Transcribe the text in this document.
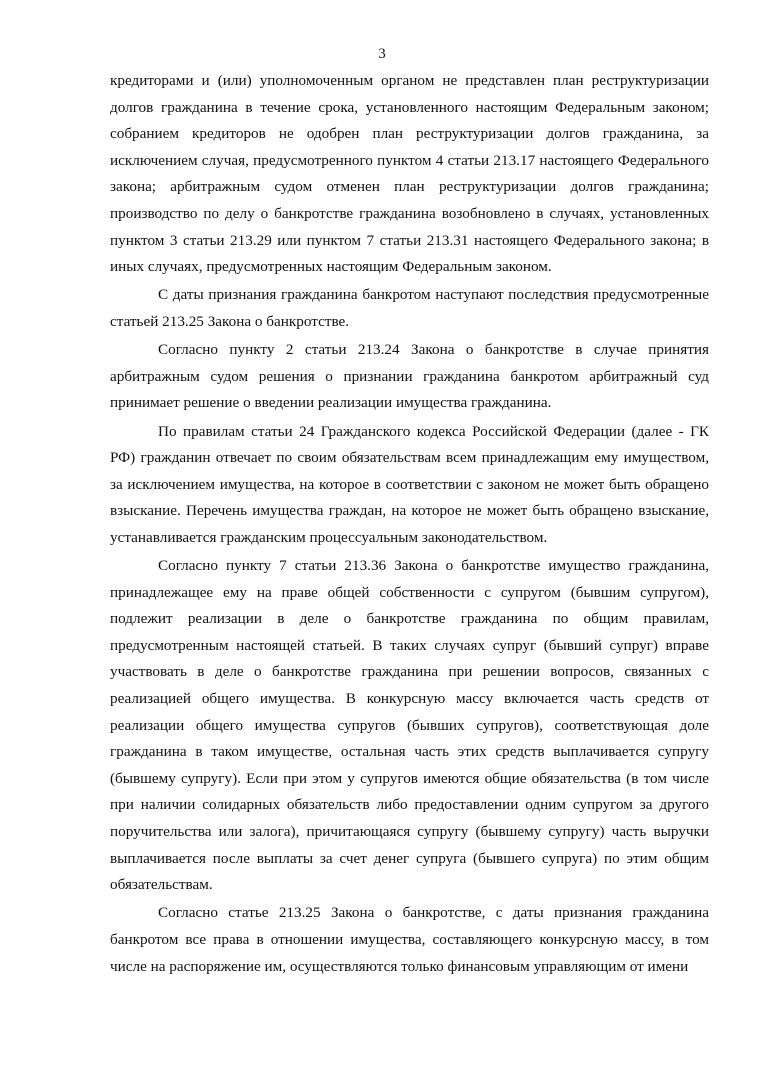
3

кредиторами и (или) уполномоченным органом не представлен план реструктуризации долгов гражданина в течение срока, установленного настоящим Федеральным законом; собранием кредиторов не одобрен план реструктуризации долгов гражданина, за исключением случая, предусмотренного пунктом 4 статьи 213.17 настоящего Федерального закона; арбитражным судом отменен план реструктуризации долгов гражданина; производство по делу о банкротстве гражданина возобновлено в случаях, установленных пунктом 3 статьи 213.29 или пунктом 7 статьи 213.31 настоящего Федерального закона; в иных случаях, предусмотренных настоящим Федеральным законом.

С даты признания гражданина банкротом наступают последствия предусмотренные статьей 213.25 Закона о банкротстве.

Согласно пункту 2 статьи 213.24 Закона о банкротстве в случае принятия арбитражным судом решения о признании гражданина банкротом арбитражный суд принимает решение о введении реализации имущества гражданина.

По правилам статьи 24 Гражданского кодекса Российской Федерации (далее - ГК РФ) гражданин отвечает по своим обязательствам всем принадлежащим ему имуществом, за исключением имущества, на которое в соответствии с законом не может быть обращено взыскание. Перечень имущества граждан, на которое не может быть обращено взыскание, устанавливается гражданским процессуальным законодательством.

Согласно пункту 7 статьи 213.36 Закона о банкротстве имущество гражданина, принадлежащее ему на праве общей собственности с супругом (бывшим супругом), подлежит реализации в деле о банкротстве гражданина по общим правилам, предусмотренным настоящей статьей. В таких случаях супруг (бывший супруг) вправе участвовать в деле о банкротстве гражданина при решении вопросов, связанных с реализацией общего имущества. В конкурсную массу включается часть средств от реализации общего имущества супругов (бывших супругов), соответствующая доле гражданина в таком имуществе, остальная часть этих средств выплачивается супругу (бывшему супругу). Если при этом у супругов имеются общие обязательства (в том числе при наличии солидарных обязательств либо предоставлении одним супругом за другого поручительства или залога), причитающаяся супругу (бывшему супругу) часть выручки выплачивается после выплаты за счет денег супруга (бывшего супруга) по этим общим обязательствам.

Согласно статье 213.25 Закона о банкротстве, с даты признания гражданина банкротом все права в отношении имущества, составляющего конкурсную массу, в том числе на распоряжение им, осуществляются только финансовым управляющим от имени
